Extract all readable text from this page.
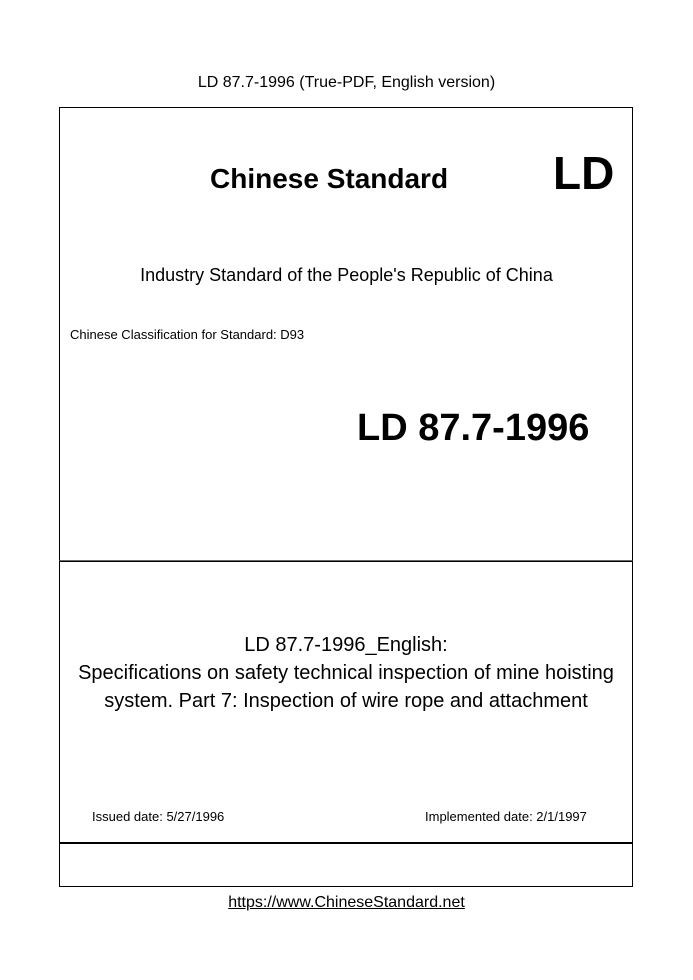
LD 87.7-1996 (True-PDF, English version)
Chinese Standard LD
Industry Standard of the People's Republic of China
Chinese Classification for Standard: D93
LD 87.7-1996
LD 87.7-1996_English:
Specifications on safety technical inspection of mine hoisting
system. Part 7: Inspection of wire rope and attachment
Issued date: 5/27/1996	Implemented date: 2/1/1997
https://www.ChineseStandard.net
